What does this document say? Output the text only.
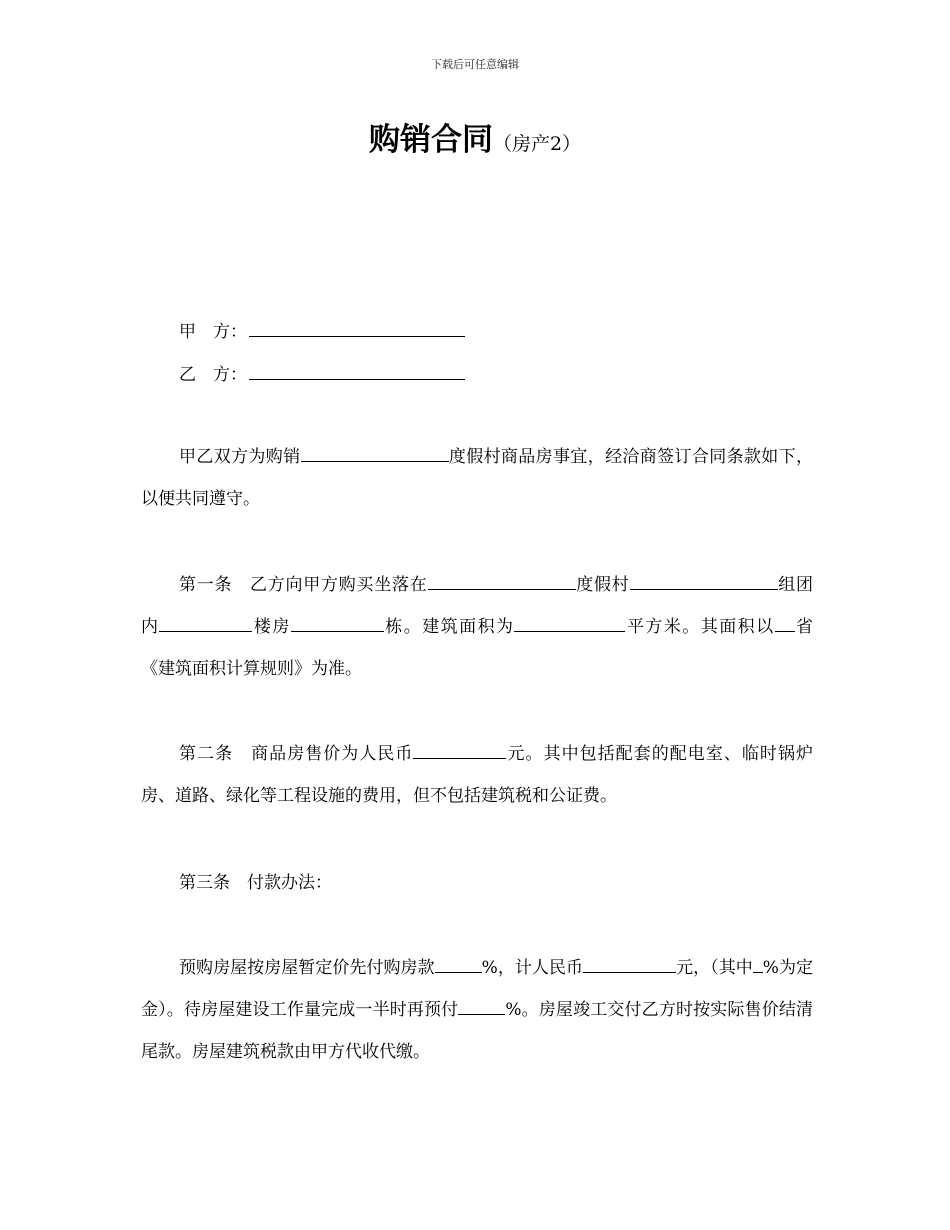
下载后可任意编辑
购销合同（房产2）
甲　方：
乙　方：

甲乙双方为购销	度假村商品房事宜，经洽商签订合同条款如下，以便共同遵守。

第一条　乙方向甲方购买坐落在	度假村	组团内	楼房	栋。建筑面积为	平方米。其面积以 省《建筑面积计算规则》为准。

第二条　商品房售价为人民币	元。其中包括配套的配电室、临时锅炉房、道路、绿化等工程设施的费用，但不包括建筑税和公证费。

第三条　付款办法：

预购房屋按房屋暂定价先付购房款	%，计人民币	元，（其中 %为定金）。待房屋建设工作量完成一半时再预付	%。房屋竣工交付乙方时按实际售价结清尾款。房屋建筑税款由甲方代收代缴。
